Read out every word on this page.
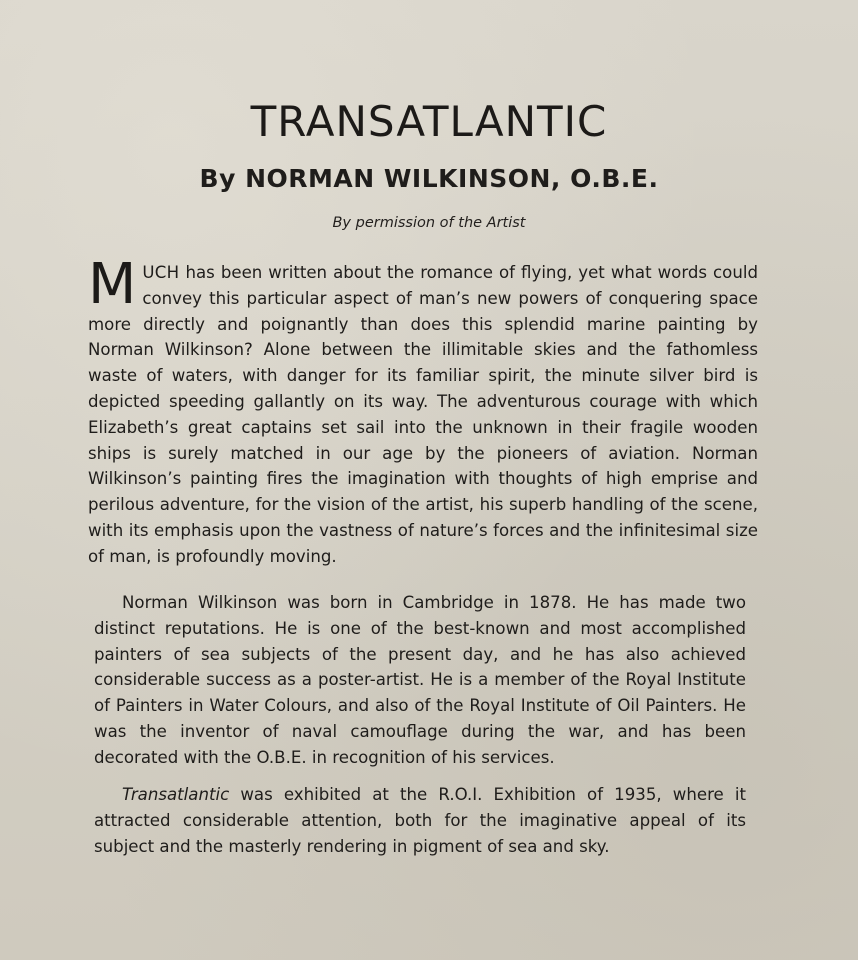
TRANSATLANTIC
By NORMAN WILKINSON, O.B.E.

By permission of the Artist

MUCH has been written about the romance of flying, yet what words could convey this particular aspect of man’s new powers of conquering space more directly and poignantly than does this splendid marine painting by Norman Wilkinson? Alone between the illimitable skies and the fathomless waste of waters, with danger for its familiar spirit, the minute silver bird is depicted speeding gallantly on its way. The adventurous courage with which Elizabeth’s great captains set sail into the unknown in their fragile wooden ships is surely matched in our age by the pioneers of aviation. Norman Wilkinson’s painting fires the imagination with thoughts of high emprise and perilous adventure, for the vision of the artist, his superb handling of the scene, with its emphasis upon the vastness of nature’s forces and the infinitesimal size of man, is profoundly moving.

Norman Wilkinson was born in Cambridge in 1878. He has made two distinct reputations. He is one of the best-known and most accomplished painters of sea subjects of the present day, and he has also achieved considerable success as a poster-artist. He is a member of the Royal Institute of Painters in Water Colours, and also of the Royal Institute of Oil Painters. He was the inventor of naval camouflage during the war, and has been decorated with the O.B.E. in recognition of his services.

Transatlantic was exhibited at the R.O.I. Exhibition of 1935, where it attracted considerable attention, both for the imaginative appeal of its subject and the masterly rendering in pigment of sea and sky.
